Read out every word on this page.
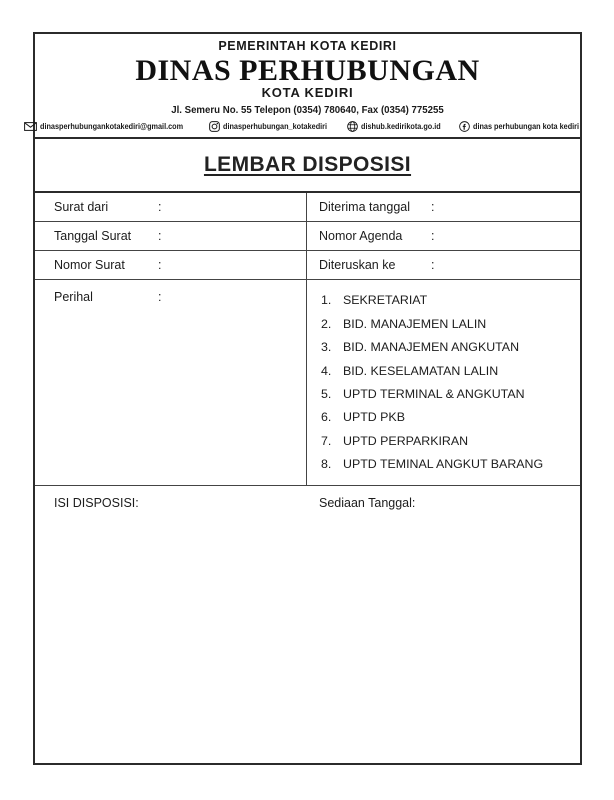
PEMERINTAH KOTA KEDIRI
DINAS PERHUBUNGAN
KOTA KEDIRI
Jl. Semeru No. 55 Telepon (0354) 780640, Fax (0354) 775255
dinasperhubungankotakediri@gmail.com	dinasperhubungan_kotakediri	dishub.kedirikota.go.id	dinas perhubungan kota kediri
LEMBAR DISPOSISI
Surat dari	:	Diterima tanggal	:
Tanggal Surat	:	Nomor Agenda	:
Nomor Surat	:	Diteruskan ke	:
Perihal	:	1. SEKRETARIAT
2. BID. MANAJEMEN LALIN
3. BID. MANAJEMEN ANGKUTAN
4. BID. KESELAMATAN LALIN
5. UPTD TERMINAL & ANGKUTAN
6. UPTD PKB
7. UPTD PERPARKIRAN
8. UPTD TEMINAL ANGKUT BARANG
ISI DISPOSISI :	Sediaan Tanggal :
